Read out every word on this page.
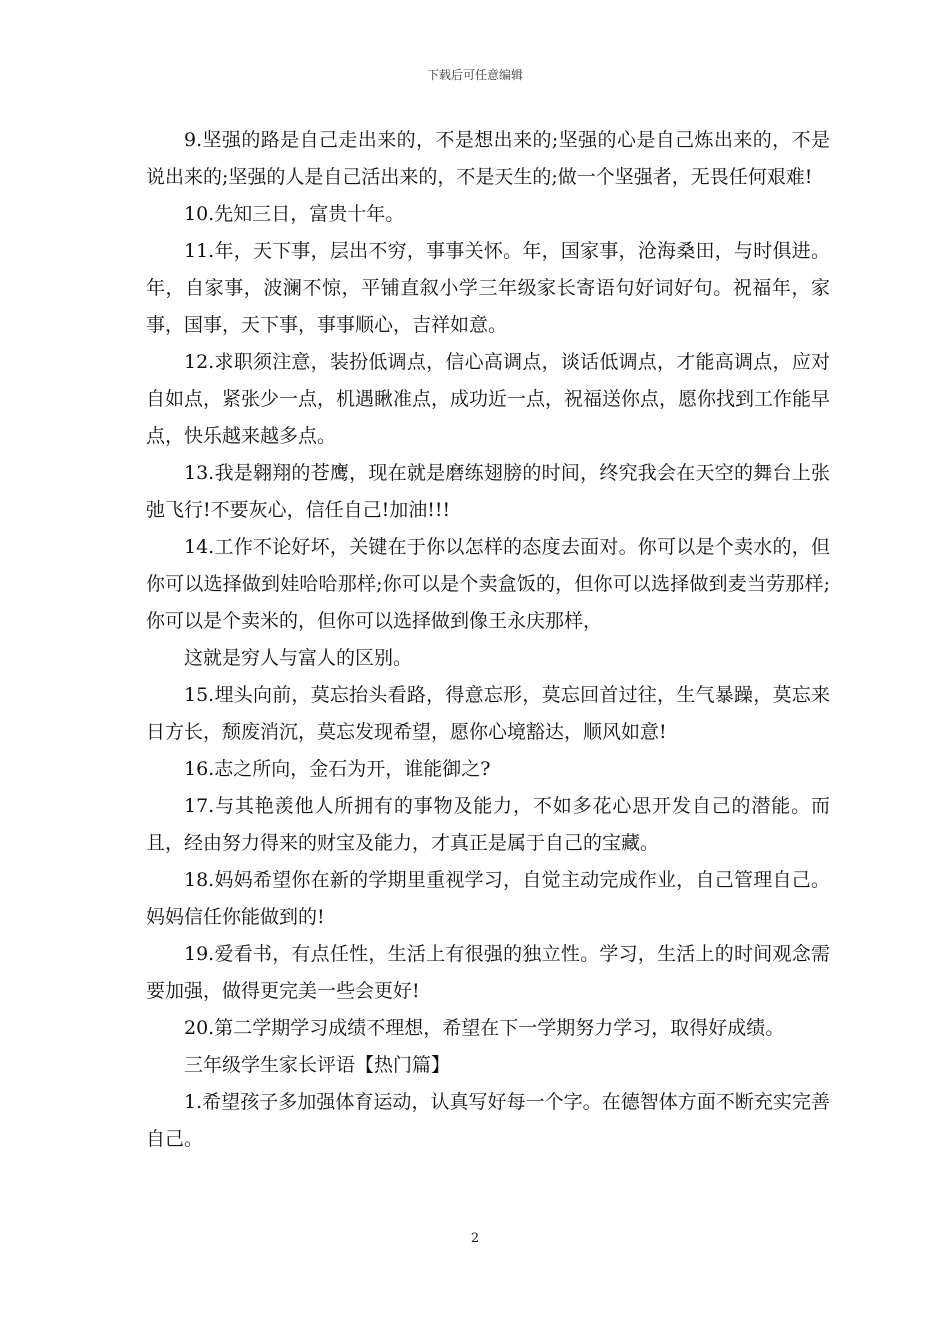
下载后可任意编辑

9.坚强的路是自己走出来的，不是想出来的;坚强的心是自己炼出来的，不是说出来的;坚强的人是自己活出来的，不是天生的;做一个坚强者，无畏任何艰难!

10.先知三日，富贵十年。

11.年，天下事，层出不穷，事事关怀。年，国家事，沧海桑田，与时俱进。年，自家事，波澜不惊，平铺直叙小学三年级家长寄语句好词好句。祝福年，家事，国事，天下事，事事顺心，吉祥如意。

12.求职须注意，装扮低调点，信心高调点，谈话低调点，才能高调点，应对自如点，紧张少一点，机遇瞅准点，成功近一点，祝福送你点，愿你找到工作能早点，快乐越来越多点。

13.我是翱翔的苍鹰，现在就是磨练翅膀的时间，终究我会在天空的舞台上张弛飞行!不要灰心，信任自己!加油!!!

14.工作不论好坏，关键在于你以怎样的态度去面对。你可以是个卖水的，但你可以选择做到娃哈哈那样;你可以是个卖盒饭的，但你可以选择做到麦当劳那样;你可以是个卖米的，但你可以选择做到像王永庆那样，

这就是穷人与富人的区别。

15.埋头向前，莫忘抬头看路，得意忘形，莫忘回首过往，生气暴躁，莫忘来日方长，颓废消沉，莫忘发现希望，愿你心境豁达，顺风如意!

16.志之所向，金石为开，谁能御之?

17.与其艳羡他人所拥有的事物及能力，不如多花心思开发自己的潜能。而且，经由努力得来的财宝及能力，才真正是属于自己的宝藏。

18.妈妈希望你在新的学期里重视学习，自觉主动完成作业，自己管理自己。妈妈信任你能做到的!

19.爱看书，有点任性，生活上有很强的独立性。学习，生活上的时间观念需要加强，做得更完美一些会更好!

20.第二学期学习成绩不理想，希望在下一学期努力学习，取得好成绩。

三年级学生家长评语【热门篇】

1.希望孩子多加强体育运动，认真写好每一个字。在德智体方面不断充实完善自己。

2
